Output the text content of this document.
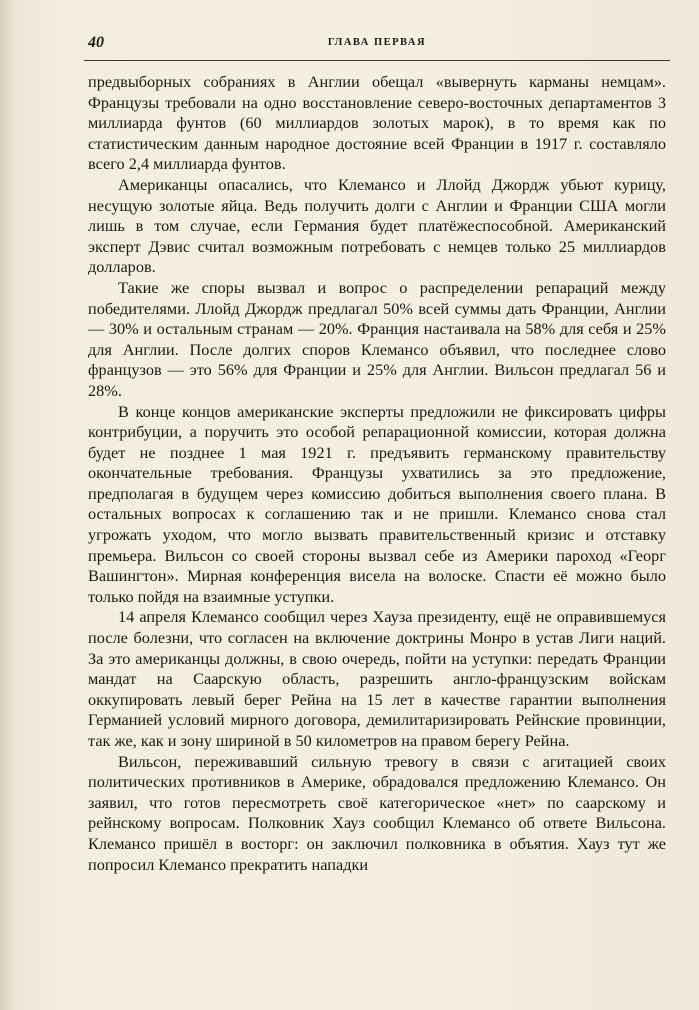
40	ГЛАВА ПЕРВАЯ

предвыборных собраниях в Англии обещал «вывернуть карманы немцам». Французы требовали на одно восстановление северо-восточных департаментов 3 миллиарда фунтов (60 миллиардов золотых марок), в то время как по статистическим данным народное достояние всей Франции в 1917 г. составляло всего 2,4 миллиарда фунтов.

Американцы опасались, что Клемансо и Ллойд Джордж убьют курицу, несущую золотые яйца. Ведь получить долги с Англии и Франции США могли лишь в том случае, если Германия будет платёжеспособной. Американский эксперт Дэвис считал возможным потребовать с немцев только 25 миллиардов долларов.

Такие же споры вызвал и вопрос о распределении репараций между победителями. Ллойд Джордж предлагал 50% всей суммы дать Франции, Англии — 30% и остальным странам — 20%. Франция настаивала на 58% для себя и 25% для Англии. После долгих споров Клемансо объявил, что последнее слово французов — это 56% для Франции и 25% для Англии. Вильсон предлагал 56 и 28%.

В конце концов американские эксперты предложили не фиксировать цифры контрибуции, а поручить это особой репарационной комиссии, которая должна будет не позднее 1 мая 1921 г. предъявить германскому правительству окончательные требования. Французы ухватились за это предложение, предполагая в будущем через комиссию добиться выполнения своего плана. В остальных вопросах к соглашению так и не пришли. Клемансо снова стал угрожать уходом, что могло вызвать правительственный кризис и отставку премьера. Вильсон со своей стороны вызвал себе из Америки пароход «Георг Вашингтон». Мирная конференция висела на волоске. Спасти её можно было только пойдя на взаимные уступки.

14 апреля Клемансо сообщил через Хауза президенту, ещё не оправившемуся после болезни, что согласен на включение доктрины Монро в устав Лиги наций. За это американцы должны, в свою очередь, пойти на уступки: передать Франции мандат на Саарскую область, разрешить англо-французским войскам оккупировать левый берег Рейна на 15 лет в качестве гарантии выполнения Германией условий мирного договора, демилитаризировать Рейнские провинции, так же, как и зону шириной в 50 километров на правом берегу Рейна.

Вильсон, переживавший сильную тревогу в связи с агитацией своих политических противников в Америке, обрадовался предложению Клемансо. Он заявил, что готов пересмотреть своё категорическое «нет» по саарскому и рейнскому вопросам. Полковник Хауз сообщил Клемансо об ответе Вильсона. Клемансо пришёл в восторг: он заключил полковника в объятия. Хауз тут же попросил Клемансо прекратить нападки
